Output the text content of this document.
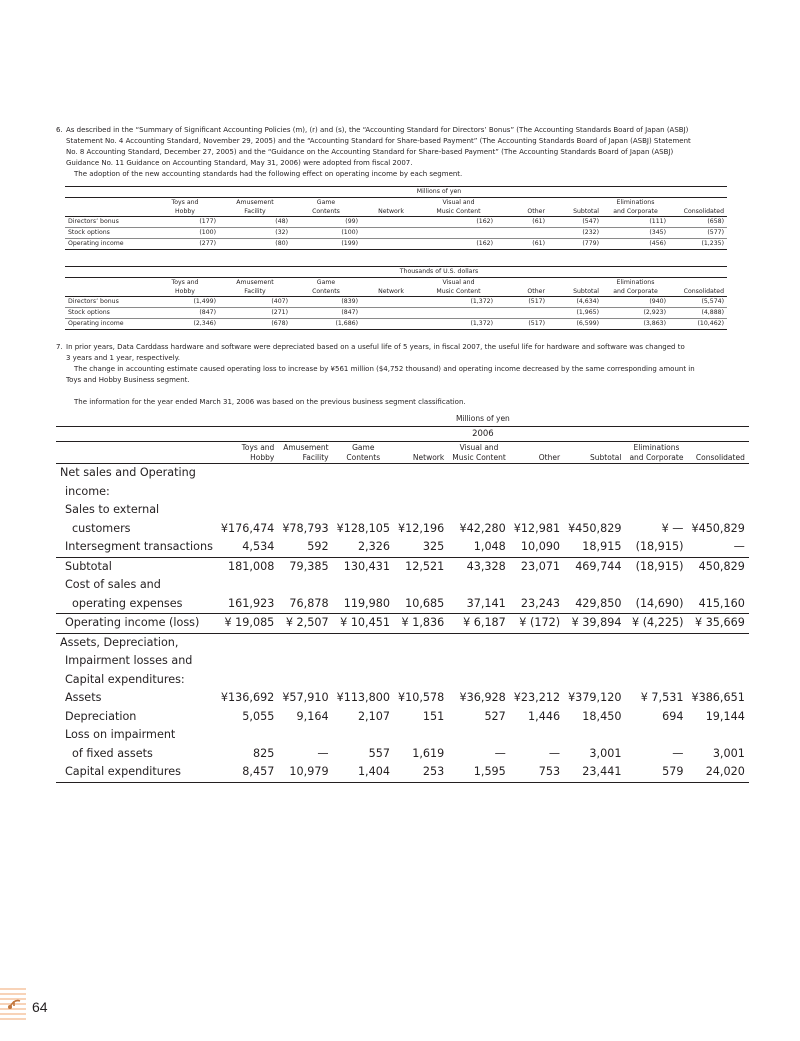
6. As described in the “Summary of Significant Accounting Policies (m), (r) and (s), the “Accounting Standard for Directors’ Bonus” (The Accounting Standards Board of Japan (ASBJ)

Statement No. 4 Accounting Standard, November 29, 2005) and the “Accounting Standard for Share-based Payment” (The Accounting Standards Board of Japan (ASBJ) Statement

No. 8 Accounting Standard, December 27, 2005) and the “Guidance on the Accounting Standard for Share-based Payment” (The Accounting Standards Board of Japan (ASBJ)

Guidance No. 11 Guidance on Accounting Standard, May 31, 2006) were adopted from fiscal 2007.

The adoption of the new accounting standards had the following effect on operating income by each segment.

	Millions of yen								
	Toys and	Amusement	Game		Visual and			Eliminations	
	Hobby	Facility	Contents	Network	Music Content	Other	Subtotal	and Corporate	Consolidated
Directors’ bonus	(177)	(48)	(99)		(162)	(61)	(547)	(111)	(658)
Stock options	(100)	(32)	(100)				(232)	(345)	(577)
Operating income	(277)	(80)	(199)		(162)	(61)	(779)	(456)	(1,235)
	Thousands of U.S. dollars								
	Toys and	Amusement	Game		Visual and			Eliminations	
	Hobby	Facility	Contents	Network	Music Content	Other	Subtotal	and Corporate	Consolidated
Directors’ bonus	(1,499)	(407)	(839)		(1,372)	(517)	(4,634)	(940)	(5,574)
Stock options	(847)	(271)	(847)				(1,965)	(2,923)	(4,888)
Operating income	(2,346)	(678)	(1,686)		(1,372)	(517)	(6,599)	(3,863)	(10,462)

7. In prior years, Data Carddass hardware and software were depreciated based on a useful life of 5 years, in fiscal 2007, the useful life for hardware and software was changed to

3 years and 1 year, respectively.

The change in accounting estimate caused operating loss to increase by ¥561 million ($4,752 thousand) and operating income decreased by the same corresponding amount in

Toys and Hobby Business segment.

The information for the year ended March 31, 2006 was based on the previous business segment classification.

	Millions of yen								
	2006								
	Toys and	Amusement	Game		Visual and			Eliminations	
	Hobby	Facility	Contents	Network	Music Content	Other	Subtotal	and Corporate	Consolidated
Net sales and Operating									
income:									
Sales to external									
customers	¥176,474	¥78,793	¥128,105	¥12,196	¥42,280	¥12,981	¥450,829	¥ —	¥450,829
Intersegment transactions	4,534	592	2,326	325	1,048	10,090	18,915	(18,915)	—
Subtotal	181,008	79,385	130,431	12,521	43,328	23,071	469,744	(18,915)	450,829
Cost of sales and									
operating expenses	161,923	76,878	119,980	10,685	37,141	23,243	429,850	(14,690)	415,160
Operating income (loss)	¥ 19,085	¥ 2,507	¥ 10,451	¥ 1,836	¥ 6,187	¥ (172)	¥ 39,894	¥ (4,225)	¥ 35,669
Assets, Depreciation,									
Impairment losses and									
Capital expenditures:									
Assets	¥136,692	¥57,910	¥113,800	¥10,578	¥36,928	¥23,212	¥379,120	¥ 7,531	¥386,651
Depreciation	5,055	9,164	2,107	151	527	1,446	18,450	694	19,144
Loss on impairment									
of fixed assets	825	—	557	1,619	—	—	3,001	—	3,001
Capital expenditures	8,457	10,979	1,404	253	1,595	753	23,441	579	24,020
64
